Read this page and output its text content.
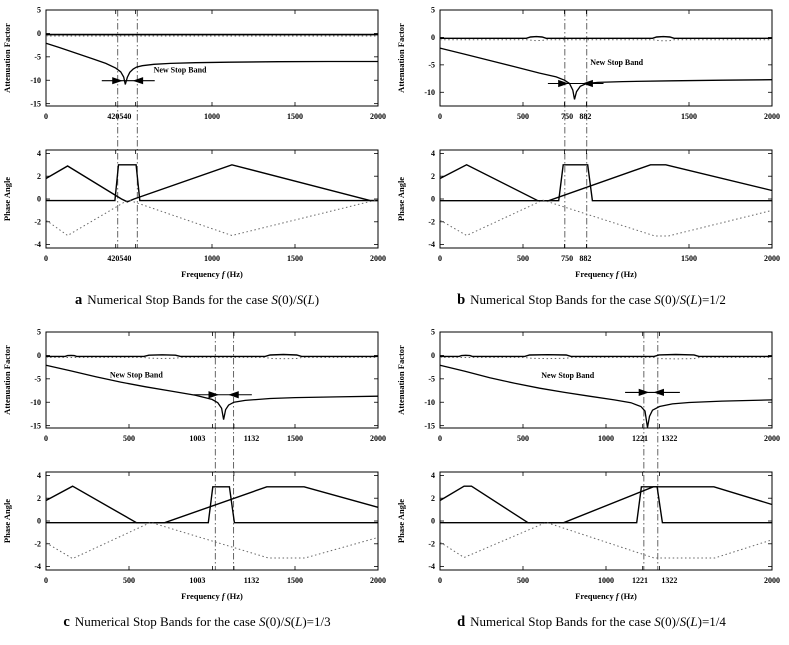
5
0
-5
-10
-15
0	420 540	1000	1500	2000
New Stop Band
4
2
0
-2
-4
0	420 540	1000	1500	2000
Attenuation Factor
Phase Angle
Frequency f (Hz)
a Numerical Stop Bands for the case S(0)/S(L)
5
0
-5
-10
0	500	750 882	1500	2000
New Stop Band
4
2
0
-2
-4
0	500	750 882	1500	2000
Attenuation Factor
Phase Angle
Frequency f (Hz)
b Numerical Stop Bands for the case S(0)/S(L)=1/2
5
0
-5
-10
-15
0	500	1003	1132	1500	2000
New Stop Band
4
2
0
-2
-4
0	500	1003	1132	1500	2000
Attenuation Factor
Phase Angle
Frequency f (Hz)
c Numerical Stop Bands for the case S(0)/S(L)=1/3
5
0
-5
-10
-15
0	500	1000 1221 1322	2000
New Stop Band
4
2
0
-2
-4
0	500	1000 1221 1322	2000
Attenuation Factor
Phase Angle
Frequency f (Hz)
d Numerical Stop Bands for the case S(0)/S(L)=1/4
